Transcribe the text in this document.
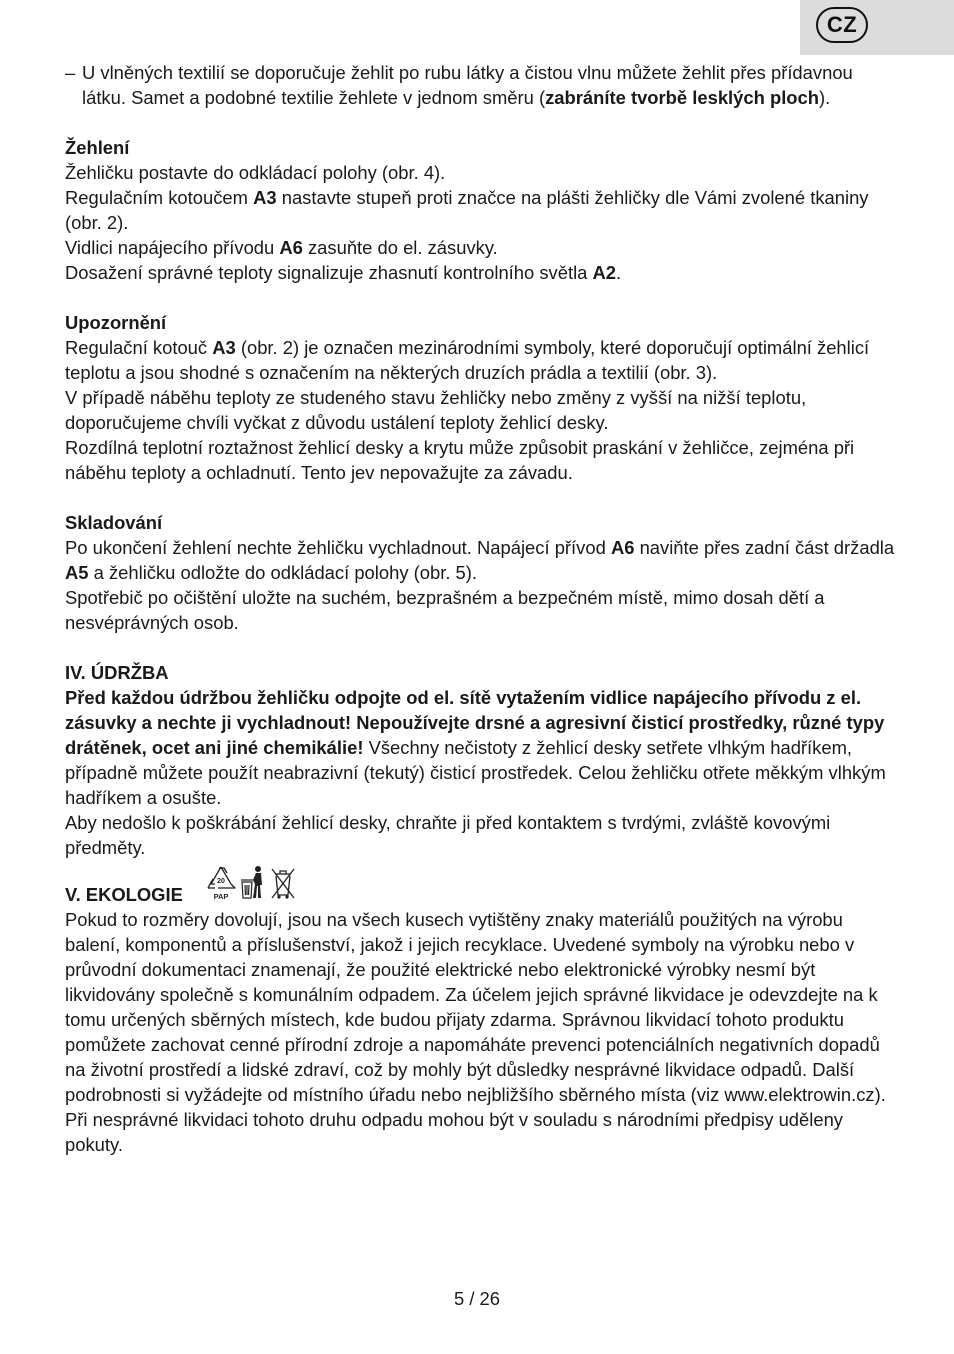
CZ

– U vlněných textilií se doporučuje žehlit po rubu látky a čistou vlnu můžete žehlit přes přídavnou látku. Samet a podobné textilie žehlete v jednom směru (zabráníte tvorbě lesklých ploch).

Žehlení

Žehličku postavte do odkládací polohy (obr. 4).

Regulačním kotoučem A3 nastavte stupeň proti značce na plášti žehličky dle Vámi zvolené tkaniny (obr. 2).

Vidlici napájecího přívodu A6 zasuňte do el. zásuvky.

Dosažení správné teploty signalizuje zhasnutí kontrolního světla A2.

Upozornění

Regulační kotouč A3 (obr. 2) je označen mezinárodními symboly, které doporučují optimální žehlicí teplotu a jsou shodné s označením na některých druzích prádla a textilií (obr. 3).

V případě náběhu teploty ze studeného stavu žehličky nebo změny z vyšší na nižší teplotu, doporučujeme chvíli vyčkat z důvodu ustálení teploty žehlicí desky.

Rozdílná teplotní roztažnost žehlicí desky a krytu může způsobit praskání v žehličce, zejména při náběhu teploty a ochladnutí. Tento jev nepovažujte za závadu.

Skladování

Po ukončení žehlení nechte žehličku vychladnout. Napájecí přívod A6 naviňte přes zadní část držadla A5 a žehličku odložte do odkládací polohy (obr. 5).

Spotřebič po očištění uložte na suchém, bezprašném a bezpečném místě, mimo dosah dětí a nesvéprávných osob.

IV. ÚDRŽBA

Před každou údržbou žehličku odpojte od el. sítě vytažením vidlice napájecího přívodu z el. zásuvky a nechte ji vychladnout! Nepoužívejte drsné a agresivní čisticí prostředky, různé typy drátěnek, ocet ani jiné chemikálie! Všechny nečistoty z žehlicí desky setřete vlhkým hadříkem, případně můžete použít neabrazivní (tekutý) čisticí prostředek. Celou žehličku otřete měkkým vlhkým hadříkem a osušte.

Aby nedošlo k poškrábání žehlicí desky, chraňte ji před kontaktem s tvrdými, zvláště kovovými předměty.

V. EKOLOGIE
20
PAP

Pokud to rozměry dovolují, jsou na všech kusech vytištěny znaky materiálů použitých na výrobu balení, komponentů a příslušenství, jakož i jejich recyklace. Uvedené symboly na výrobku nebo v průvodní dokumentaci znamenají, že použité elektrické nebo elektronické výrobky nesmí být likvidovány společně s komunálním odpadem. Za účelem jejich správné likvidace je odevzdejte na k tomu určených sběrných místech, kde budou přijaty zdarma. Správnou likvidací tohoto produktu pomůžete zachovat cenné přírodní zdroje a napomáháte prevenci potenciálních negativních dopadů na životní prostředí a lidské zdraví, což by mohly být důsledky nesprávné likvidace odpadů. Další podrobnosti si vyžádejte od místního úřadu nebo nejbližšího sběrného místa (viz www.elektrowin.cz).

Při nesprávné likvidaci tohoto druhu odpadu mohou být v souladu s národními předpisy uděleny pokuty.

5 / 26
